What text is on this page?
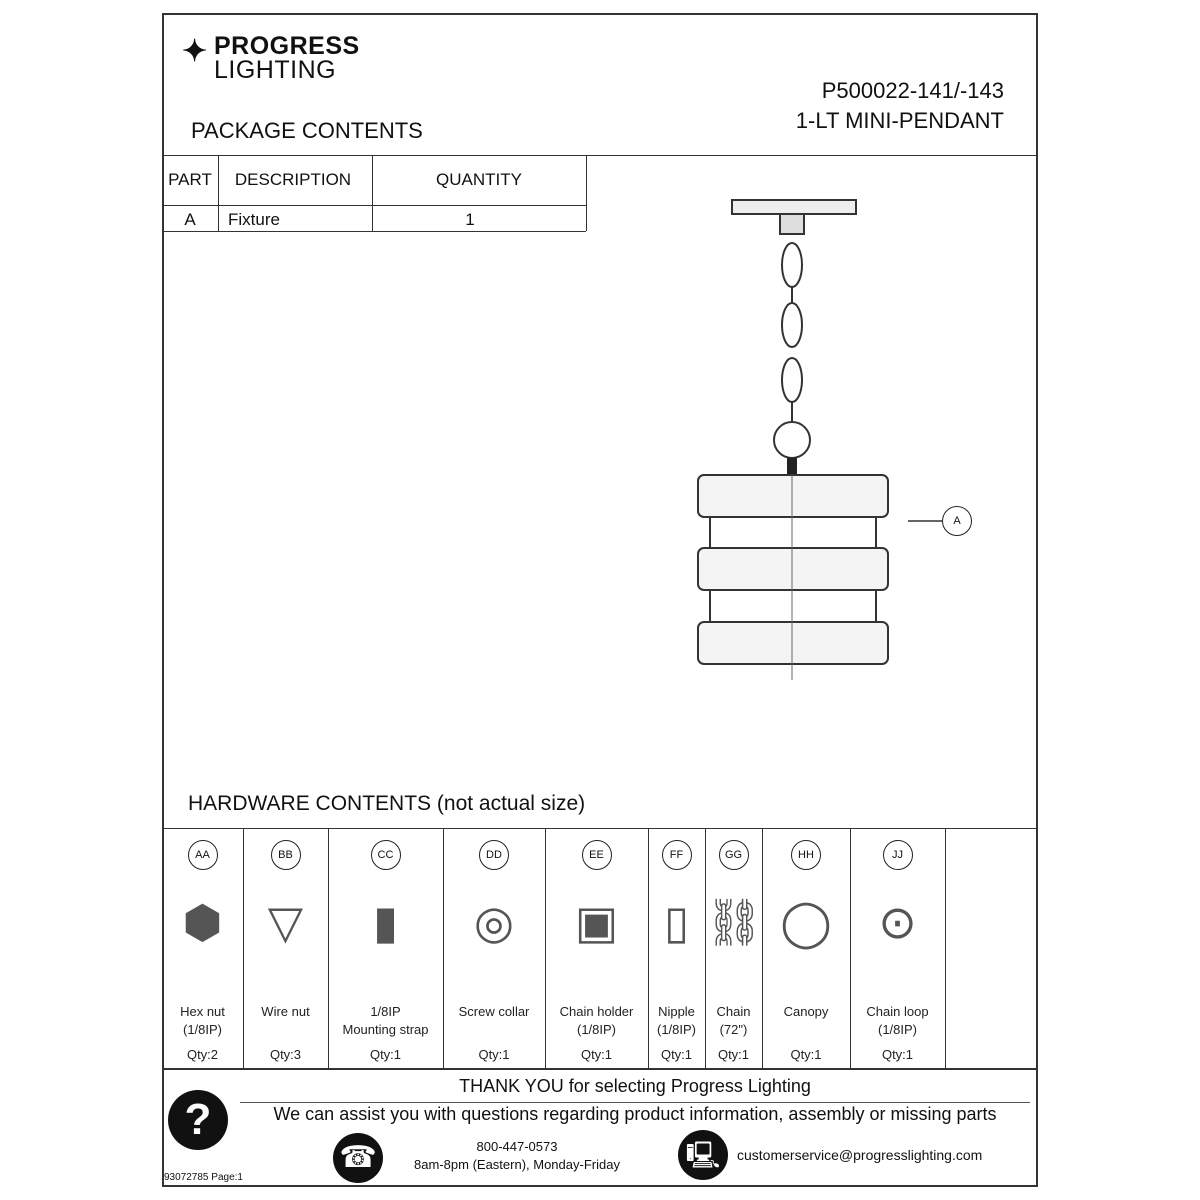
✦ PROGRESS
LIGHTING
P500022-141/-143
1-LT MINI-PENDANT
PACKAGE CONTENTS
PART	DESCRIPTION	QUANTITY
A	Fixture	1
A
HARDWARE CONTENTS (not actual size)
AA
⬢
Hex nut
(1/8IP)
Qty:2
BB
▽
Wire nut
Qty:3
CC
▮
1/8IP
Mounting strap
Qty:1
DD
◎
Screw collar
Qty:1
EE
▣
Chain holder
(1/8IP)
Qty:1
FF
▯
Nipple
(1/8IP)
Qty:1
GG
⛓
Chain
(72")
Qty:1
HH
◯
Canopy
Qty:1
JJ
⊙
Chain loop
(1/8IP)
Qty:1
?
THANK YOU for selecting Progress Lighting
We can assist you with questions regarding product information, assembly or missing parts
☎	800-447-0573
8am-8pm (Eastern), Monday-Friday	🖳	customerservice@progresslighting.com
93072785 Page:1
